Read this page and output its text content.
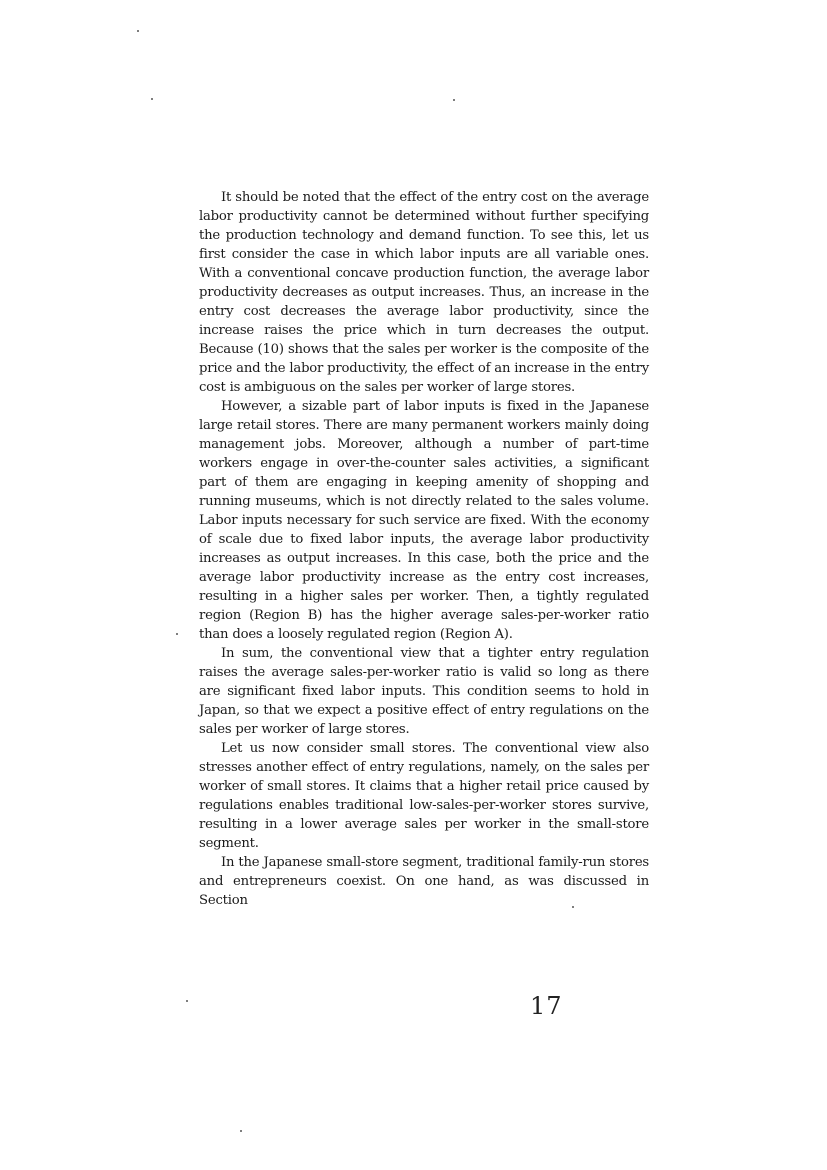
It should be noted that the effect of the entry cost on the average labor productivity cannot be determined without further specifying the production technology and demand function. To see this, let us first consider the case in which labor inputs are all variable ones. With a conventional concave production function, the average labor productivity decreases as output increases. Thus, an increase in the entry cost decreases the average labor productivity, since the increase raises the price which in turn decreases the output. Because (10) shows that the sales per worker is the composite of the price and the labor productivity, the effect of an increase in the entry cost is ambiguous on the sales per worker of large stores.

However, a sizable part of labor inputs is fixed in the Japanese large retail stores. There are many permanent workers mainly doing management jobs. Moreover, although a number of part-time workers engage in over-the-counter sales activities, a significant part of them are engaging in keeping amenity of shopping and running museums, which is not directly related to the sales volume. Labor inputs necessary for such service are fixed. With the economy of scale due to fixed labor inputs, the average labor productivity increases as output increases. In this case, both the price and the average labor productivity increase as the entry cost increases, resulting in a higher sales per worker. Then, a tightly regulated region (Region B) has the higher average sales-per-worker ratio than does a loosely regulated region (Region A).

In sum, the conventional view that a tighter entry regulation raises the average sales-per-worker ratio is valid so long as there are significant fixed labor inputs. This condition seems to hold in Japan, so that we expect a positive effect of entry regulations on the sales per worker of large stores.

Let us now consider small stores. The conventional view also stresses another effect of entry regulations, namely, on the sales per worker of small stores. It claims that a higher retail price caused by regulations enables traditional low-sales-per-worker stores survive, resulting in a lower average sales per worker in the small-store segment.

In the Japanese small-store segment, traditional family-run stores and entrepreneurs coexist. On one hand, as was discussed in Section

17
